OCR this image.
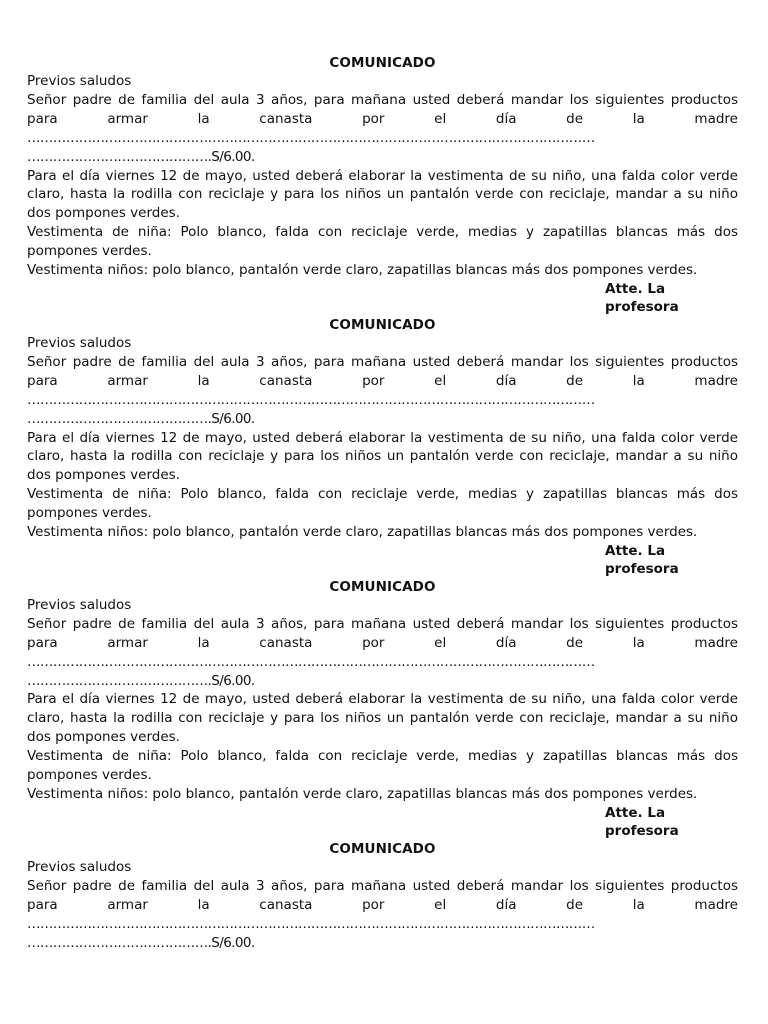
COMUNICADO
Previos saludos
Señor padre de familia del aula 3 años, para mañana usted deberá mandar los siguientes productos
para armar la canasta por el día de la madre
……………………………………………………………………………………………………………………
…………………………………….S/6.00.

Para el día viernes 12 de mayo, usted deberá elaborar la vestimenta de su niño, una falda color verde claro, hasta la rodilla con reciclaje y para los niños un pantalón verde con reciclaje, mandar a su niño dos pompones verdes.

Vestimenta de niña: Polo blanco, falda con reciclaje verde, medias y zapatillas blancas más dos pompones verdes.

Vestimenta niños: polo blanco, pantalón verde claro, zapatillas blancas más dos pompones verdes.

Atte. La profesora
COMUNICADO
Previos saludos
Señor padre de familia del aula 3 años, para mañana usted deberá mandar los siguientes productos
para armar la canasta por el día de la madre
……………………………………………………………………………………………………………………
…………………………………….S/6.00.

Para el día viernes 12 de mayo, usted deberá elaborar la vestimenta de su niño, una falda color verde claro, hasta la rodilla con reciclaje y para los niños un pantalón verde con reciclaje, mandar a su niño dos pompones verdes.

Vestimenta de niña: Polo blanco, falda con reciclaje verde, medias y zapatillas blancas más dos pompones verdes.

Vestimenta niños: polo blanco, pantalón verde claro, zapatillas blancas más dos pompones verdes.

Atte. La profesora
COMUNICADO
Previos saludos
Señor padre de familia del aula 3 años, para mañana usted deberá mandar los siguientes productos
para armar la canasta por el día de la madre
……………………………………………………………………………………………………………………
…………………………………….S/6.00.

Para el día viernes 12 de mayo, usted deberá elaborar la vestimenta de su niño, una falda color verde claro, hasta la rodilla con reciclaje y para los niños un pantalón verde con reciclaje, mandar a su niño dos pompones verdes.

Vestimenta de niña: Polo blanco, falda con reciclaje verde, medias y zapatillas blancas más dos pompones verdes.

Vestimenta niños: polo blanco, pantalón verde claro, zapatillas blancas más dos pompones verdes.

Atte. La profesora
COMUNICADO
Previos saludos
Señor padre de familia del aula 3 años, para mañana usted deberá mandar los siguientes productos
para armar la canasta por el día de la madre
……………………………………………………………………………………………………………………
…………………………………….S/6.00.
